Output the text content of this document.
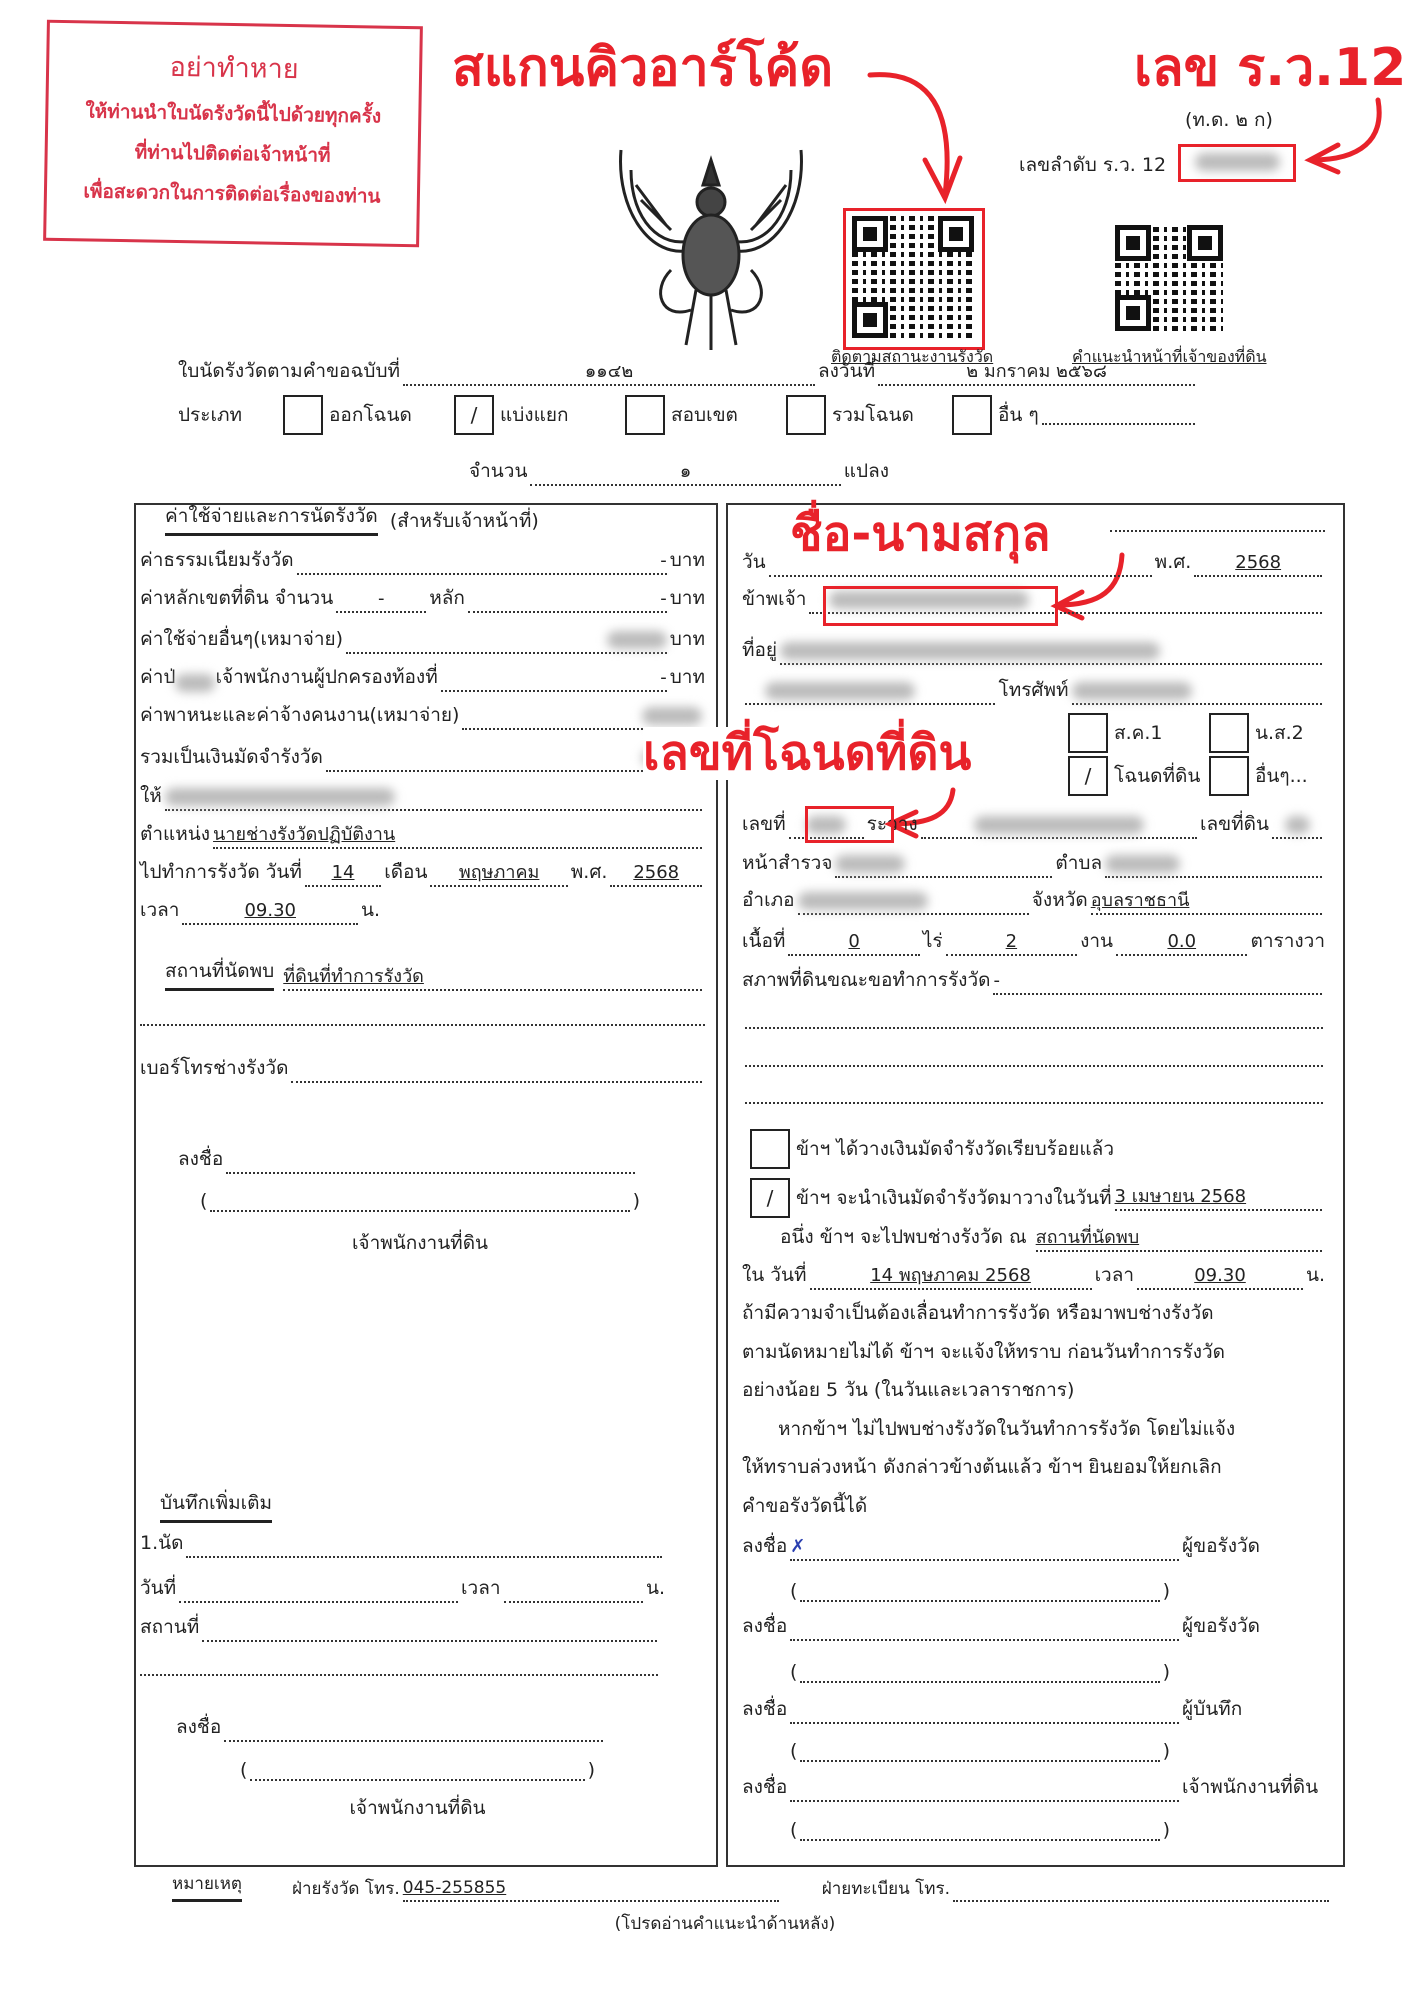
อย่าทำหาย
ให้ท่านนำใบนัดรังวัดนี้ไปด้วยทุกครั้ง
ที่ท่านไปติดต่อเจ้าหน้าที่
เพื่อสะดวกในการติดต่อเรื่องของท่าน
สแกนคิวอาร์โค้ด	เลข ร.ว.12
(ท.ด. ๒ ก)
เลขลำดับ ร.ว. 12
ติดตามสถานะงานรังวัด	คำแนะนำหน้าที่เจ้าของที่ดิน
ใบนัดรังวัดตามคำขอฉบับที่	๑๑๔๒	ลงวันที่	๒ มกราคม ๒๕๖๘
ประเภท	ออกโฉนด	/	แบ่งแยก	สอบเขต	รวมโฉนด	อื่น ๆ
จำนวน	๑	แปลง
ค่าใช้จ่ายและการนัดรังวัด
(สำหรับเจ้าหน้าที่)
ค่าธรรมเนียมรังวัด	- บาท
ค่าหลักเขตที่ดิน จำนวน	-	หลัก	- บาท
ค่าใช้จ่ายอื่นๆ(เหมาจ่าย)	บาท
ค่าป่ เจ้าพนักงานผู้ปกครองท้องที่	- บาท
ค่าพาหนะและค่าจ้างคนงาน(เหมาจ่าย)
รวมเป็นเงินมัดจำรังวัด
ให้
ตำแหน่ง นายช่างรังวัดปฏิบัติงาน
ไปทำการรังวัด วันที่	14	เดือน	พฤษภาคม	พ.ศ.	2568
เวลา	09.30	น.
สถานที่นัดพบ
ที่ดินที่ทำการรังวัด
เบอร์โทรช่างรังวัด
ลงชื่อ
(	)
เจ้าพนักงานที่ดิน
บันทึกเพิ่มเติม
1.นัด
วันที่	เวลา	น.
สถานที่
ลงชื่อ
(	)
เจ้าพนักงานที่ดิน
วัน	พ.ศ.	2568
ข้าพเจ้า
ที่อยู่
โทรศัพท์
ชื่อ-นามสกุล
ส.ค.1	น.ส.2
/	โฉนดที่ดิน	อื่นๆ...
เลขที่โฉนดที่ดิน
เลขที่	ระวาง	เลขที่ดิน
หน้าสำรวจ	ตำบล
อำเภอ	จังหวัด อุบลราชธานี
เนื้อที่	0	ไร่	2	งาน	0.0	ตารางวา
สภาพที่ดินขณะขอทำการรังวัด -
ข้าฯ ได้วางเงินมัดจำรังวัดเรียบร้อยแล้ว
/	ข้าฯ จะนำเงินมัดจำรังวัดมาวางในวันที่ 3 เมษายน 2568
อนึ่ง ข้าฯ จะไปพบช่างรังวัด ณ
สถานที่นัดพบ
ใน วันที่	14 พฤษภาคม 2568	เวลา	09.30	น.

ถ้ามีความจำเป็นต้องเลื่อนทำการรังวัด หรือมาพบช่างรังวัด
ตามนัดหมายไม่ได้ ข้าฯ จะแจ้งให้ทราบ ก่อนวันทำการรังวัด
อย่างน้อย 5 วัน (ในวันและเวลาราชการ)
หากข้าฯ ไม่ไปพบช่างรังวัดในวันทำการรังวัด โดยไม่แจ้ง
ให้ทราบล่วงหน้า ดังกล่าวข้างต้นแล้ว ข้าฯ ยินยอมให้ยกเลิก
คำขอรังวัดนี้ได้

ลงชื่อ ✗	ผู้ขอรังวัด
(	)
ลงชื่อ	ผู้ขอรังวัด
(	)
ลงชื่อ	ผู้บันทึก
(	)
ลงชื่อ	เจ้าพนักงานที่ดิน
(	)
หมายเหตุ	ฝ่ายรังวัด โทร. 045-255855	ฝ่ายทะเบียน โทร.
(โปรดอ่านคำแนะนำด้านหลัง)
